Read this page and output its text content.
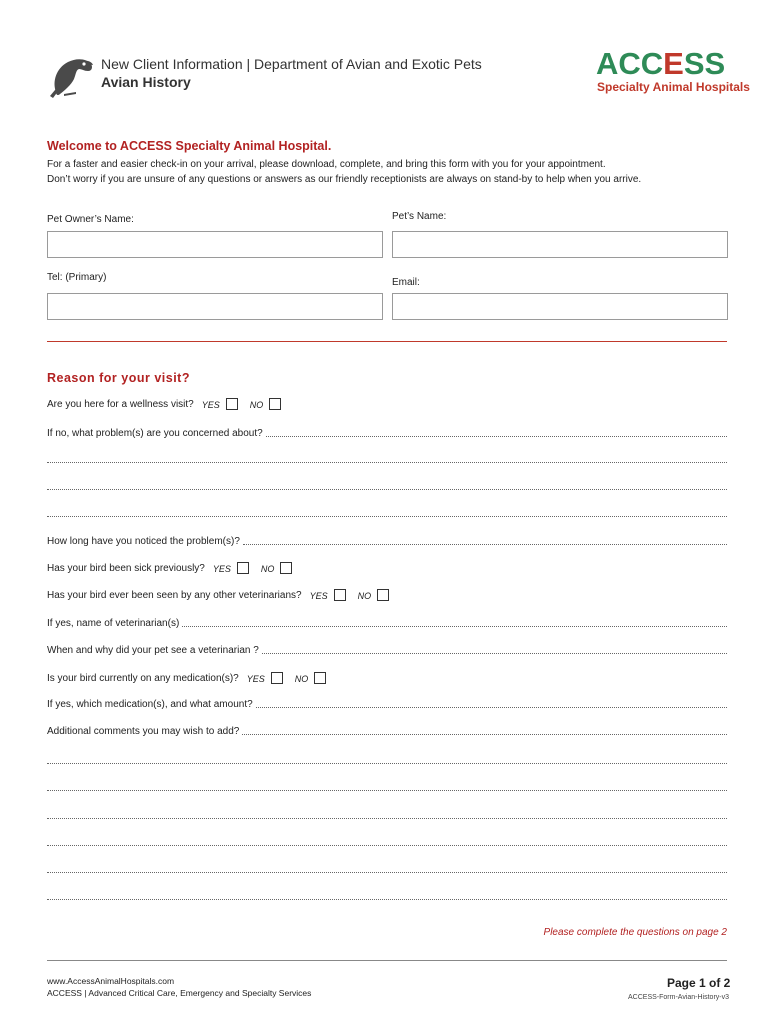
New Client Information | Department of Avian and Exotic Pets
Avian History
ACCESS
Specialty Animal Hospitals
Welcome to ACCESS Specialty Animal Hospital.
For a faster and easier check-in on your arrival, please download, complete, and bring this form with you for your appointment.
Don’t worry if you are unsure of any questions or answers as our friendly receptionists are always on stand-by to help when you arrive.
Pet Owner’s Name:	Pet’s Name:
Tel: (Primary)	Email:
Reason for your visit?
Are you here for a wellness visit? YES	NO
If no, what problem(s) are you concerned about?
How long have you noticed the problem(s)?
Has your bird been sick previously? YES	NO
Has your bird ever been seen by any other veterinarians? YES	NO
If yes, name of veterinarian(s)
When and why did your pet see a veterinarian ?
Is your bird currently on any medication(s)? YES	NO
If yes, which medication(s), and what amount?
Additional comments you may wish to add?
Please complete the questions on page 2
www.AccessAnimalHospitals.com
ACCESS | Advanced Critical Care, Emergency and Specialty Services
Page 1 of 2
ACCESS-Form-Avian-History-v3
